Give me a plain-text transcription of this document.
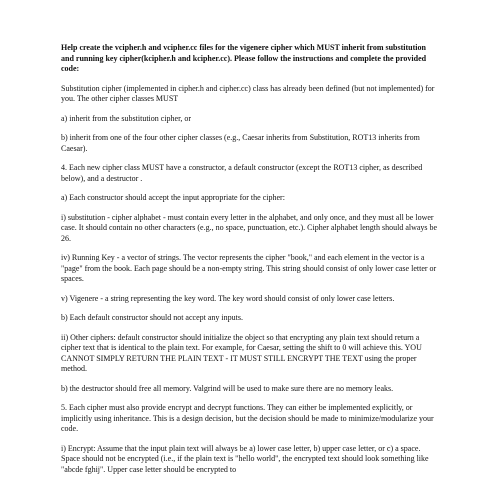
Help create the vcipher.h and vcipher.cc files for the vigenere cipher which MUST inherit from substitution and running key cipher(kcipher.h and kcipher.cc). Please follow the instructions and complete the provided code:

Substitution cipher (implemented in cipher.h and cipher.cc) class has already been defined (but not implemented) for you. The other cipher classes MUST

a) inherit from the substitution cipher, or

b) inherit from one of the four other cipher classes (e.g., Caesar inherits from Substitution, ROT13 inherits from Caesar).

4. Each new cipher class MUST have a constructor, a default constructor (except the ROT13 cipher, as described below), and a destructor .

a) Each constructor should accept the input appropriate for the cipher:

i) substitution - cipher alphabet - must contain every letter in the alphabet, and only once, and they must all be lower case. It should contain no other characters (e.g., no space, punctuation, etc.). Cipher alphabet length should always be 26.

iv) Running Key - a vector of strings. The vector represents the cipher "book," and each element in the vector is a "page" from the book. Each page should be a non-empty string. This string should consist of only lower case letter or spaces.

v) Vigenere - a string representing the key word. The key word should consist of only lower case letters.

b) Each default constructor should not accept any inputs.

ii) Other ciphers: default constructor should initialize the object so that encrypting any plain text should return a cipher text that is identical to the plain text. For example, for Caesar, setting the shift to 0 will achieve this. YOU CANNOT SIMPLY RETURN THE PLAIN TEXT - IT MUST STILL ENCRYPT THE TEXT using the proper method.

b) the destructor should free all memory. Valgrind will be used to make sure there are no memory leaks.

5. Each cipher must also provide encrypt and decrypt functions. They can either be implemented explicitly, or implicitly using inheritance. This is a design decision, but the decision should be made to minimize/modularize your code.

i) Encrypt: Assume that the input plain text will always be a) lower case letter, b) upper case letter, or c) a space. Space should not be encrypted (i.e., if the plain text is "hello world", the encrypted text should look something like "abcde fghij". Upper case letter should be encrypted to
